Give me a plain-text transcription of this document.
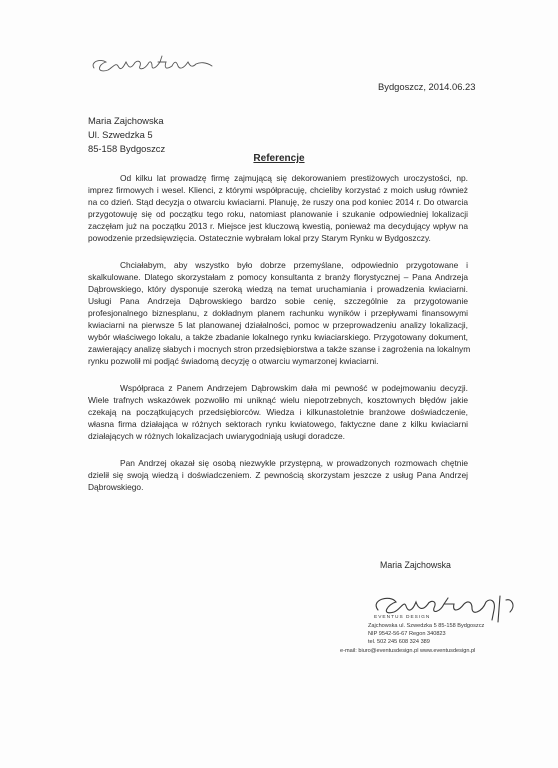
Bydgoszcz, 2014.06.23
Maria Zajchowska
Ul. Szwedzka 5
85-158 Bydgoszcz
Referencje

Od kilku lat prowadzę firmę zajmującą się dekorowaniem prestiżowych uroczystości, np.
imprez firmowych i wesel. Klienci, z którymi współpracuję, chcieliby korzystać z moich usług również
na co dzień. Stąd decyzja o otwarciu kwiaciarni. Planuję, że ruszy ona pod koniec 2014 r. Do otwarcia
przygotowuję się od początku tego roku, natomiast planowanie i szukanie odpowiedniej lokalizacji
zaczęłam już na początku 2013 r. Miejsce jest kluczową kwestią, ponieważ ma decydujący wpływ na
powodzenie przedsięwzięcia. Ostatecznie wybrałam lokal przy Starym Rynku w Bydgoszczy.

Chciałabym, aby wszystko było dobrze przemyślane, odpowiednio przygotowane i
skalkulowane. Dlatego skorzystałam z pomocy konsultanta z branży florystycznej – Pana Andrzeja
Dąbrowskiego, który dysponuje szeroką wiedzą na temat uruchamiania i prowadzenia kwiaciarni.
Usługi Pana Andrzeja Dąbrowskiego bardzo sobie cenię, szczególnie za przygotowanie
profesjonalnego biznesplanu, z dokładnym planem rachunku wyników i przepływami finansowymi
kwiaciarni na pierwsze 5 lat planowanej działalności, pomoc w przeprowadzeniu analizy lokalizacji,
wybór właściwego lokalu, a także zbadanie lokalnego rynku kwiaciarskiego. Przygotowany dokument,
zawierający analizę słabych i mocnych stron przedsiębiorstwa a także szanse i zagrożenia na lokalnym
rynku pozwolił mi podjąć świadomą decyzję o otwarciu wymarzonej kwiaciarni.

Współpraca z Panem Andrzejem Dąbrowskim dała mi pewność w podejmowaniu decyzji.
Wiele trafnych wskazówek pozwoliło mi uniknąć wielu niepotrzebnych, kosztownych błędów jakie
czekają na początkujących przedsiębiorców. Wiedza i kilkunastoletnie branżowe doświadczenie,
własna firma działająca w różnych sektorach rynku kwiatowego, faktyczne dane z kilku kwiaciarni
działających w różnych lokalizacjach uwiarygodniają usługi doradcze.

Pan Andrzej okazał się osobą niezwykle przystępną, w prowadzonych rozmowach chętnie
dzielił się swoją wiedzą i doświadczeniem. Z pewnością skorzystam jeszcze z usług Pana Andrzej
Dąbrowskiego.

Maria Zajchowska
EVENTUS DESIGN
Zajchowska ul. Szwedzka 5 85-158 Bydgoszcz
NIP 9542-56-67 Regon 340823
tel. 502 245 608 324 389
e-mail: biuro@eventusdesign.pl www.eventusdesign.pl
